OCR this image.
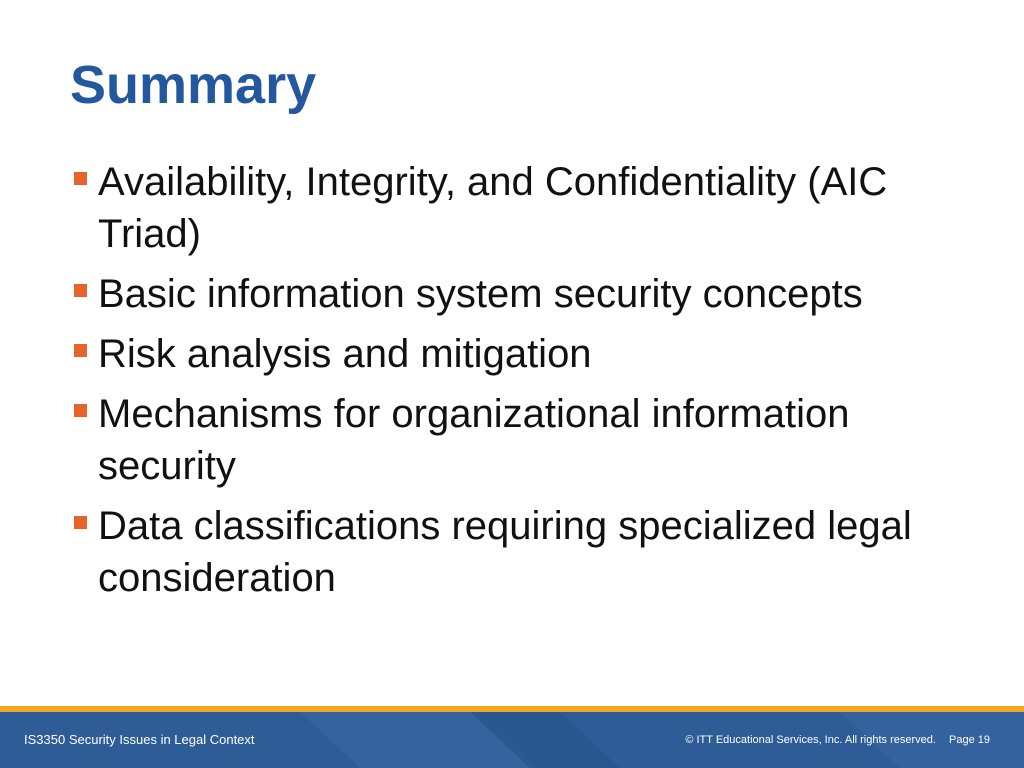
Summary
Availability, Integrity, and Confidentiality (AIC Triad)
Basic information system security concepts
Risk analysis and mitigation
Mechanisms for organizational information security
Data classifications requiring specialized legal consideration
IS3350 Security Issues in Legal Context	© ITT Educational Services, Inc. All rights reserved. Page 19
